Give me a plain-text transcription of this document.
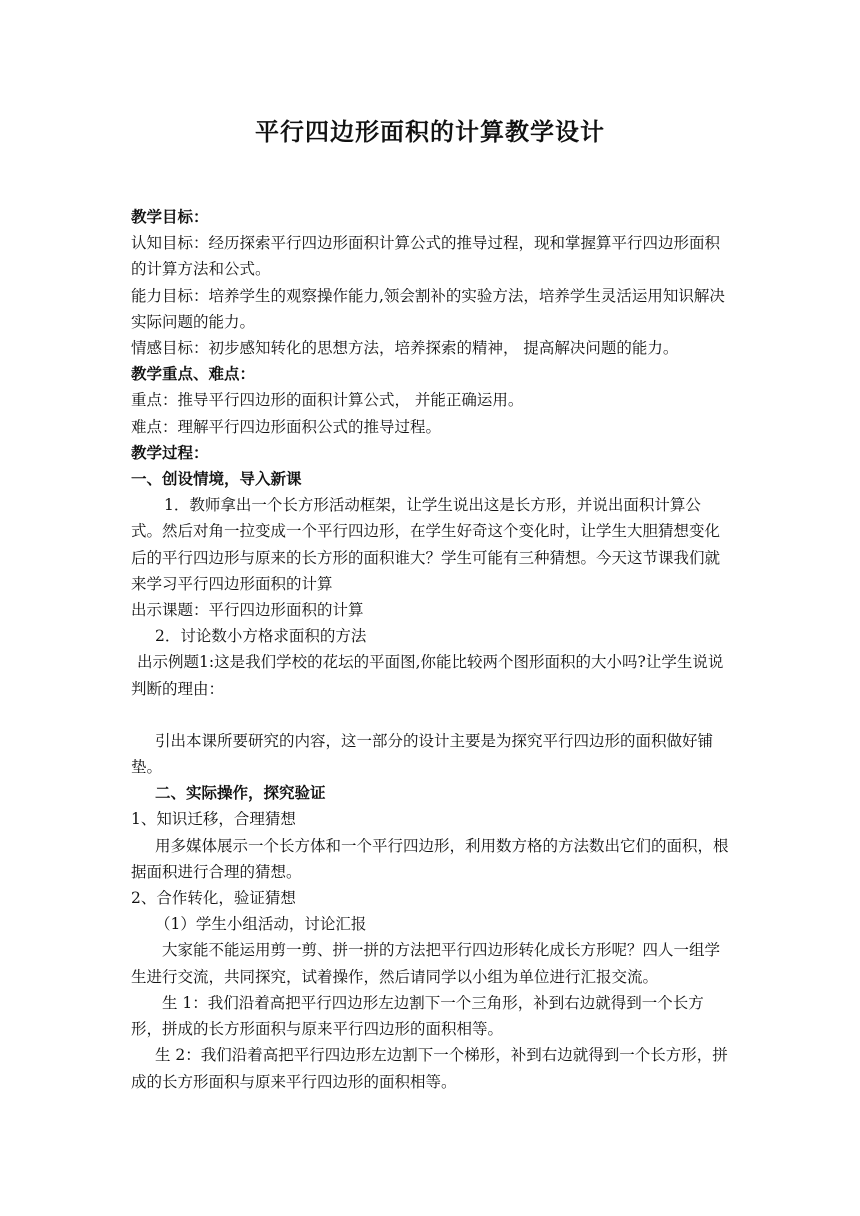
平行四边形面积的计算教学设计

教学目标：

认知目标：经历探索平行四边形面积计算公式的推导过程，现和掌握算平行四边形面积的计算方法和公式。

能力目标：培养学生的观察操作能力,领会割补的实验方法，培养学生灵活运用知识解决实际问题的能力。

情感目标：初步感知转化的思想方法，培养探索的精神， 提高解决问题的能力。

教学重点、难点：

重点：推导平行四边形的面积计算公式， 并能正确运用。

难点：理解平行四边形面积公式的推导过程。

教学过程：

一、创设情境，导入新课

1．教师拿出一个长方形活动框架，让学生说出这是长方形，并说出面积计算公式。然后对角一拉变成一个平行四边形，在学生好奇这个变化时，让学生大胆猜想变化后的平行四边形与原来的长方形的面积谁大？学生可能有三种猜想。今天这节课我们就来学习平行四边形面积的计算

出示课题：平行四边形面积的计算

2．讨论数小方格求面积的方法

出示例题1:这是我们学校的花坛的平面图,你能比较两个图形面积的大小吗?让学生说说判断的理由：

引出本课所要研究的内容，这一部分的设计主要是为探究平行四边形的面积做好铺垫。

二、实际操作，探究验证

1、知识迁移，合理猜想

用多媒体展示一个长方体和一个平行四边形，利用数方格的方法数出它们的面积，根据面积进行合理的猜想。

2、合作转化，验证猜想

（1）学生小组活动，讨论汇报

大家能不能运用剪一剪、拼一拼的方法把平行四边形转化成长方形呢？四人一组学生进行交流，共同探究，试着操作，然后请同学以小组为单位进行汇报交流。

生 1：我们沿着高把平行四边形左边割下一个三角形，补到右边就得到一个长方形，拼成的长方形面积与原来平行四边形的面积相等。

生 2：我们沿着高把平行四边形左边割下一个梯形，补到右边就得到一个长方形，拼成的长方形面积与原来平行四边形的面积相等。
